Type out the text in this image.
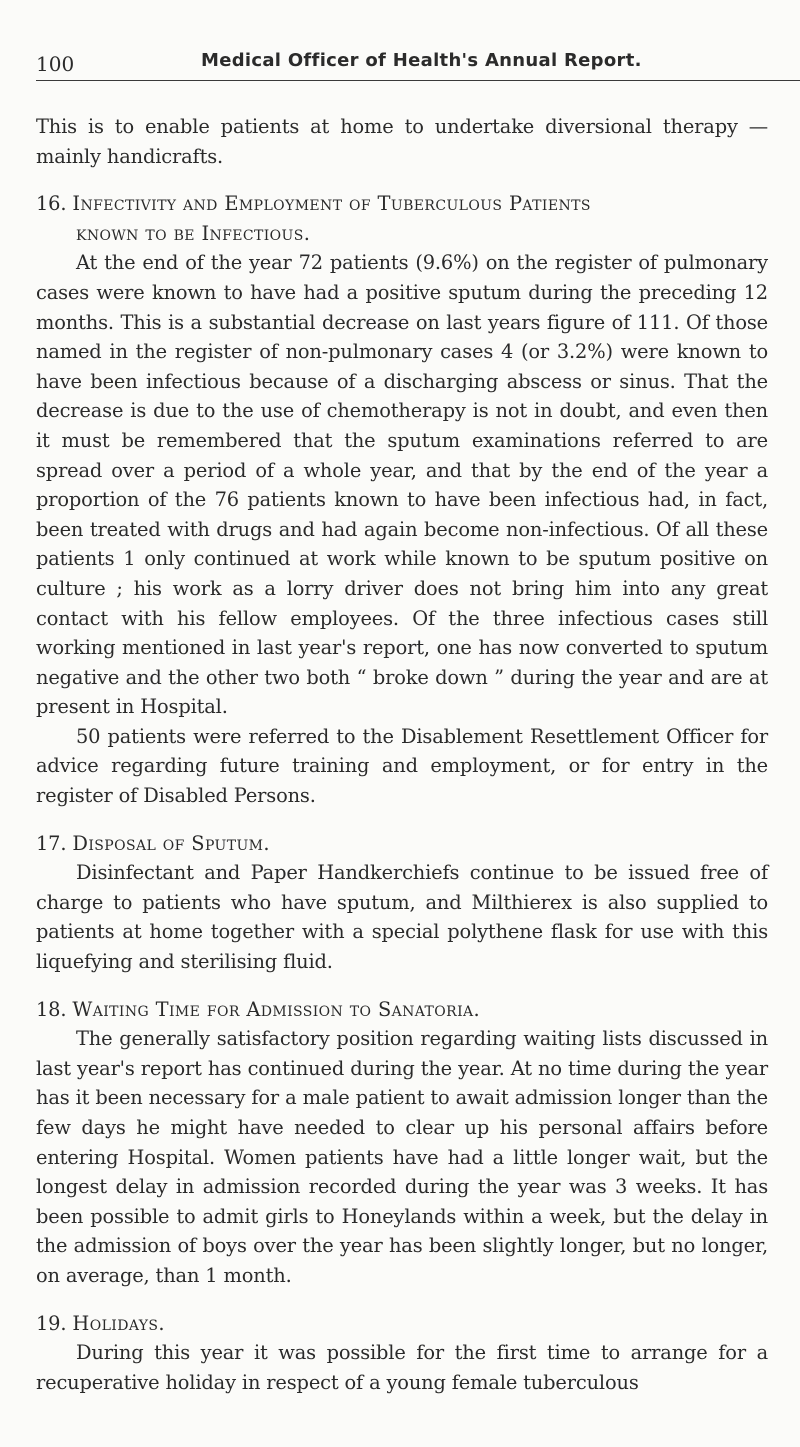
100	Medical Officer of Health's Annual Report.

This is to enable patients at home to undertake diversional therapy —mainly handicrafts.

16. Infectivity and Employment of Tuberculous Patients
known to be Infectious.

At the end of the year 72 patients (9.6%) on the register of pulmonary cases were known to have had a positive sputum during the preceding 12 months. This is a substantial decrease on last years figure of 111. Of those named in the register of non-pulmonary cases 4 (or 3.2%) were known to have been infectious because of a discharging abscess or sinus. That the decrease is due to the use of chemotherapy is not in doubt, and even then it must be remembered that the sputum examinations referred to are spread over a period of a whole year, and that by the end of the year a proportion of the 76 patients known to have been infectious had, in fact, been treated with drugs and had again become non-infectious. Of all these patients 1 only continued at work while known to be sputum positive on culture ; his work as a lorry driver does not bring him into any great contact with his fellow employees. Of the three infectious cases still working mentioned in last year's report, one has now converted to sputum negative and the other two both “ broke down ” during the year and are at present in Hospital.

50 patients were referred to the Disablement Resettlement Officer for advice regarding future training and employment, or for entry in the register of Disabled Persons.

17. Disposal of Sputum.

Disinfectant and Paper Handkerchiefs continue to be issued free of charge to patients who have sputum, and Milthierex is also supplied to patients at home together with a special polythene flask for use with this liquefying and sterilising fluid.

18. Waiting Time for Admission to Sanatoria.

The generally satisfactory position regarding waiting lists discussed in last year's report has continued during the year. At no time during the year has it been necessary for a male patient to await admission longer than the few days he might have needed to clear up his personal affairs before entering Hospital. Women patients have had a little longer wait, but the longest delay in admission recorded during the year was 3 weeks. It has been possible to admit girls to Honeylands within a week, but the delay in the admission of boys over the year has been slightly longer, but no longer, on average, than 1 month.

19. Holidays.

During this year it was possible for the first time to arrange for a recuperative holiday in respect of a young female tuberculous
